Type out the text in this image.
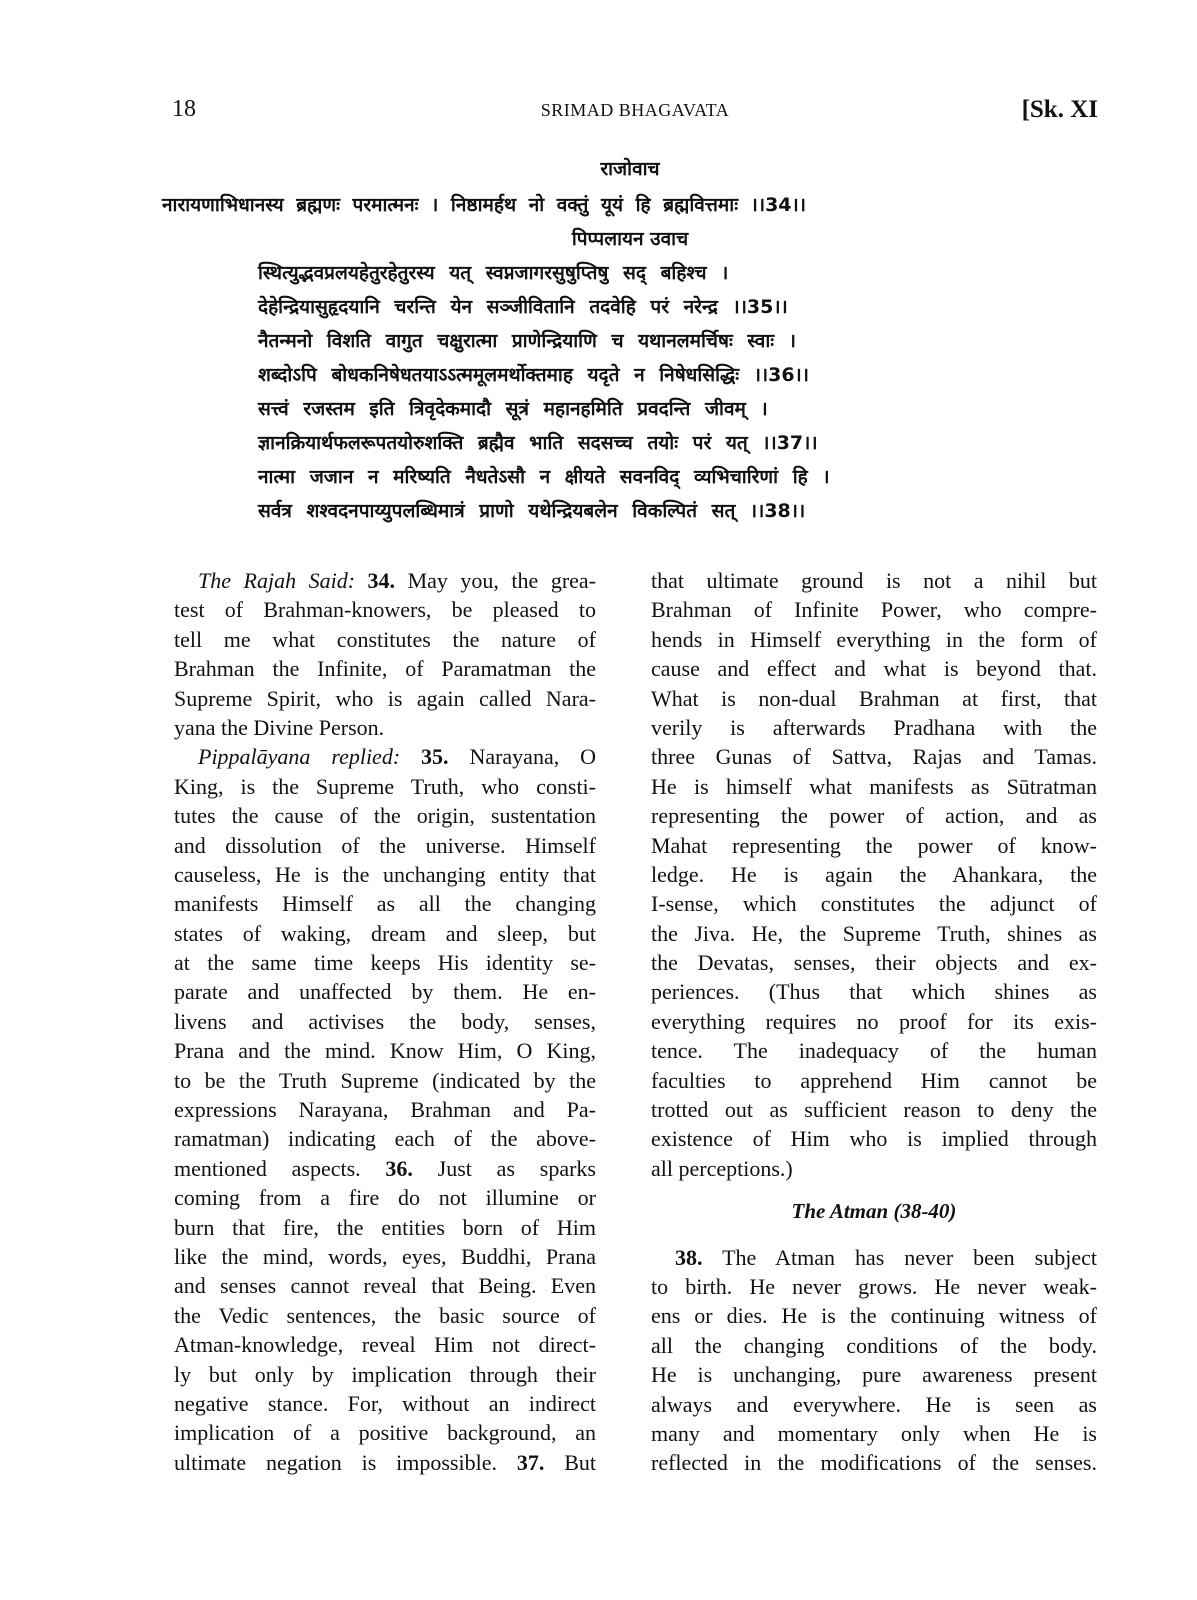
18	SRIMAD BHAGAVATA	[Sk. XI
राजोवाच
नारायणाभिधानस्य ब्रह्मणः परमात्मनः । निष्ठामर्हथ नो वक्तुं यूयं हि ब्रह्मवित्तमाः ।।34।।
पिप्पलायन उवाच
स्थित्युद्भवप्रलयहेतुरहेतुरस्य यत् स्वप्नजागरसुषुप्तिषु सद् बहिश्च ।
देहेन्द्रियासुहृदयानि चरन्ति येन सञ्जीवितानि तदवेहि परं नरेन्द्र ।।35।।
नैतन्मनो विशति वागुत चक्षुरात्मा प्राणेन्द्रियाणि च यथानलमर्चिषः स्वाः ।
शब्दोऽपि बोधकनिषेधतयाऽऽत्ममूलमर्थोक्तमाह यदृते न निषेधसिद्धिः ।।36।।
सत्त्वं रजस्तम इति त्रिवृदेकमादौ सूत्रं महानहमिति प्रवदन्ति जीवम् ।
ज्ञानक्रियार्थफलरूपतयोरुशक्ति ब्रह्मैव भाति सदसच्च तयोः परं यत् ।।37।।
नात्मा जजान न मरिष्यति नैधतेऽसौ न क्षीयते सवनविद् व्यभिचारिणां हि ।
सर्वत्र शश्वदनपाय्युपलब्धिमात्रं प्राणो यथेन्द्रियबलेन विकल्पितं सत् ।।38।।
The Rajah Said: 34. May you, the grea-
test of Brahman-knowers, be pleased to
tell me what constitutes the nature of
Brahman the Infinite, of Paramatman the
Supreme Spirit, who is again called Nara-
yana the Divine Person.
Pippalāyana replied: 35. Narayana, O
King, is the Supreme Truth, who consti-
tutes the cause of the origin, sustentation
and dissolution of the universe. Himself
causeless, He is the unchanging entity that
manifests Himself as all the changing
states of waking, dream and sleep, but
at the same time keeps His identity se-
parate and unaffected by them. He en-
livens and activises the body, senses,
Prana and the mind. Know Him, O King,
to be the Truth Supreme (indicated by the
expressions Narayana, Brahman and Pa-
ramatman) indicating each of the above-
mentioned aspects. 36. Just as sparks
coming from a fire do not illumine or
burn that fire, the entities born of Him
like the mind, words, eyes, Buddhi, Prana
and senses cannot reveal that Being. Even
the Vedic sentences, the basic source of
Atman-knowledge, reveal Him not direct-
ly but only by implication through their
negative stance. For, without an indirect
implication of a positive background, an
ultimate negation is impossible. 37. But
that ultimate ground is not a nihil but
Brahman of Infinite Power, who compre-
hends in Himself everything in the form of
cause and effect and what is beyond that.
What is non-dual Brahman at first, that
verily is afterwards Pradhana with the
three Gunas of Sattva, Rajas and Tamas.
He is himself what manifests as Sūtratman
representing the power of action, and as
Mahat representing the power of know-
ledge. He is again the Ahankara, the
I-sense, which constitutes the adjunct of
the Jiva. He, the Supreme Truth, shines as
the Devatas, senses, their objects and ex-
periences. (Thus that which shines as
everything requires no proof for its exis-
tence. The inadequacy of the human
faculties to apprehend Him cannot be
trotted out as sufficient reason to deny the
existence of Him who is implied through
all perceptions.)
The Atman (38-40)
38. The Atman has never been subject
to birth. He never grows. He never weak-
ens or dies. He is the continuing witness of
all the changing conditions of the body.
He is unchanging, pure awareness present
always and everywhere. He is seen as
many and momentary only when He is
reflected in the modifications of the senses.
